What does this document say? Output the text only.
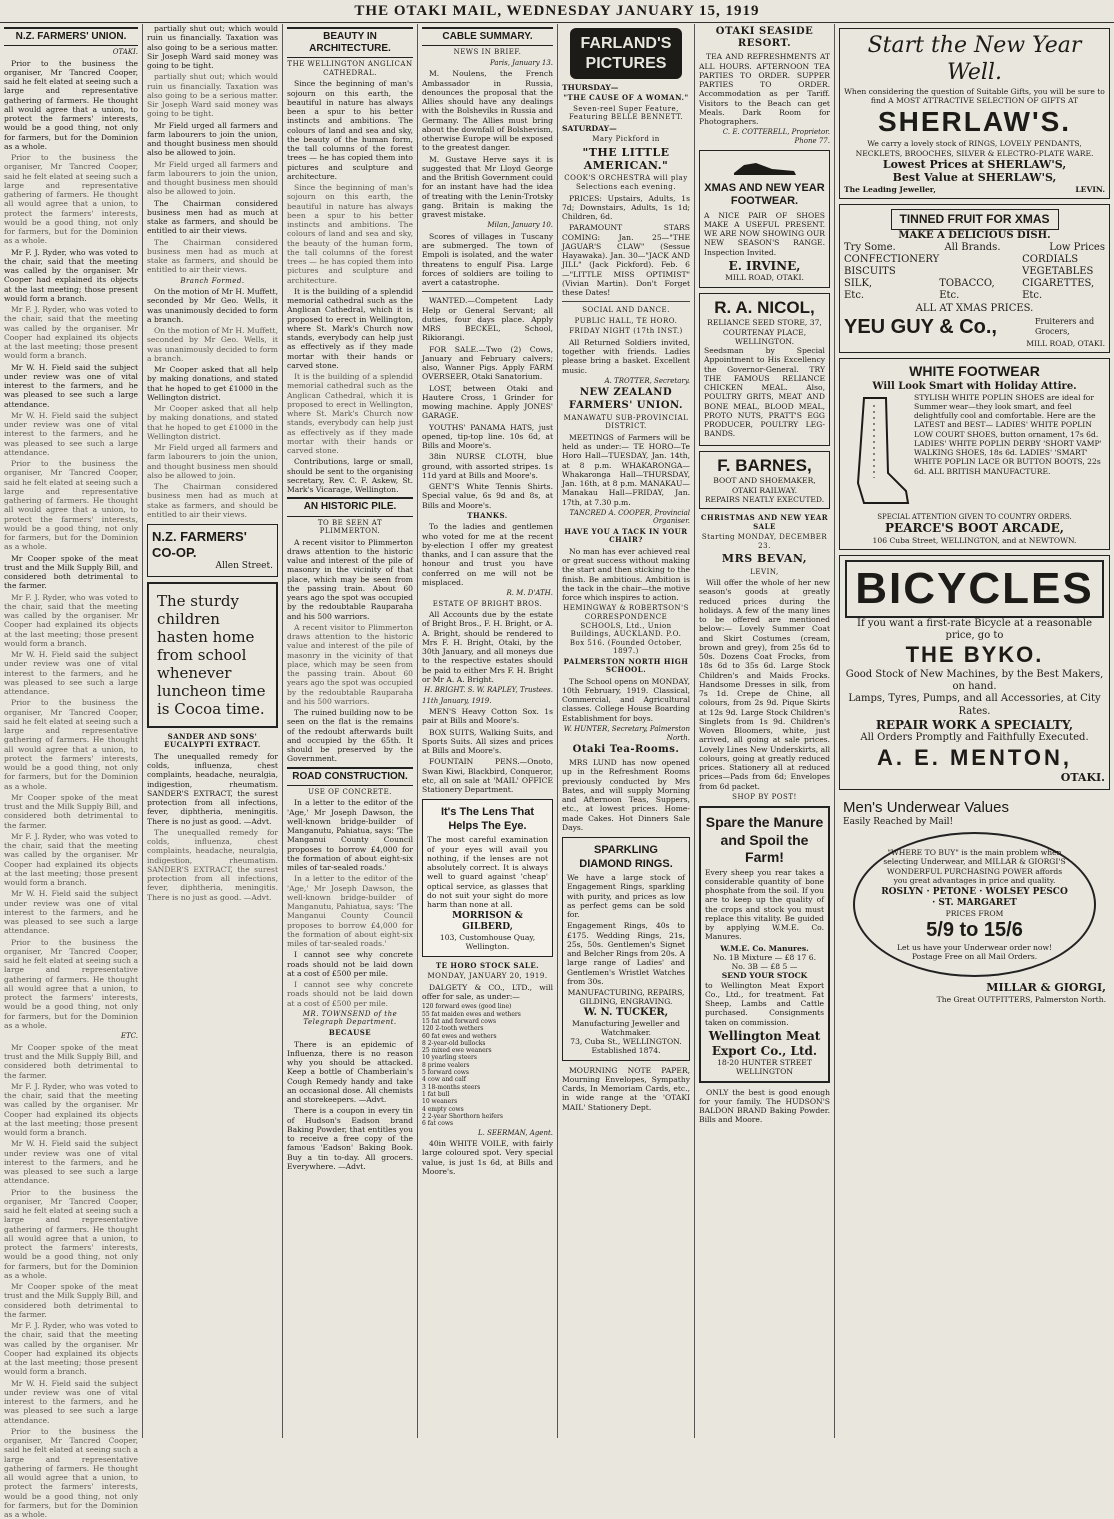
THE OTAKI MAIL, WEDNESDAY JANUARY 15, 1919
N.Z. FARMERS' UNION.
OTAKI.

Prior to the business the organiser, Mr Tancred Cooper, said he felt elated at seeing such a large and representative gathering of farmers. He thought all would agree that a union, to protect the farmers' interests, would be a good thing, not only for farmers, but for the Dominion as a whole.

Prior to the business the organiser, Mr Tancred Cooper, said he felt elated at seeing such a large and representative gathering of farmers. He thought all would agree that a union, to protect the farmers' interests, would be a good thing, not only for farmers, but for the Dominion as a whole.

Mr F. J. Ryder, who was voted to the chair, said that the meeting was called by the organiser. Mr Cooper had explained its objects at the last meeting; those present would form a branch.

Mr F. J. Ryder, who was voted to the chair, said that the meeting was called by the organiser. Mr Cooper had explained its objects at the last meeting; those present would form a branch.

Mr W. H. Field said the subject under review was one of vital interest to the farmers, and he was pleased to see such a large attendance.

Mr W. H. Field said the subject under review was one of vital interest to the farmers, and he was pleased to see such a large attendance.

Prior to the business the organiser, Mr Tancred Cooper, said he felt elated at seeing such a large and representative gathering of farmers. He thought all would agree that a union, to protect the farmers' interests, would be a good thing, not only for farmers, but for the Dominion as a whole.

Mr Cooper spoke of the meat trust and the Milk Supply Bill, and considered both detrimental to the farmer.

Mr F. J. Ryder, who was voted to the chair, said that the meeting was called by the organiser. Mr Cooper had explained its objects at the last meeting; those present would form a branch.

Mr W. H. Field said the subject under review was one of vital interest to the farmers, and he was pleased to see such a large attendance.

Prior to the business the organiser, Mr Tancred Cooper, said he felt elated at seeing such a large and representative gathering of farmers. He thought all would agree that a union, to protect the farmers' interests, would be a good thing, not only for farmers, but for the Dominion as a whole.

Mr Cooper spoke of the meat trust and the Milk Supply Bill, and considered both detrimental to the farmer.

Mr F. J. Ryder, who was voted to the chair, said that the meeting was called by the organiser. Mr Cooper had explained its objects at the last meeting; those present would form a branch.

Mr W. H. Field said the subject under review was one of vital interest to the farmers, and he was pleased to see such a large attendance.

Prior to the business the organiser, Mr Tancred Cooper, said he felt elated at seeing such a large and representative gathering of farmers. He thought all would agree that a union, to protect the farmers' interests, would be a good thing, not only for farmers, but for the Dominion as a whole.

ETC.

Mr Cooper spoke of the meat trust and the Milk Supply Bill, and considered both detrimental to the farmer.

Mr F. J. Ryder, who was voted to the chair, said that the meeting was called by the organiser. Mr Cooper had explained its objects at the last meeting; those present would form a branch.

Mr W. H. Field said the subject under review was one of vital interest to the farmers, and he was pleased to see such a large attendance.

Prior to the business the organiser, Mr Tancred Cooper, said he felt elated at seeing such a large and representative gathering of farmers. He thought all would agree that a union, to protect the farmers' interests, would be a good thing, not only for farmers, but for the Dominion as a whole.

Mr Cooper spoke of the meat trust and the Milk Supply Bill, and considered both detrimental to the farmer.

Mr F. J. Ryder, who was voted to the chair, said that the meeting was called by the organiser. Mr Cooper had explained its objects at the last meeting; those present would form a branch.

Mr W. H. Field said the subject under review was one of vital interest to the farmers, and he was pleased to see such a large attendance.

Prior to the business the organiser, Mr Tancred Cooper, said he felt elated at seeing such a large and representative gathering of farmers. He thought all would agree that a union, to protect the farmers' interests, would be a good thing, not only for farmers, but for the Dominion as a whole.

partially shut out; which would ruin us financially. Taxation was also going to be a serious matter. Sir Joseph Ward said money was going to be tight.

partially shut out; which would ruin us financially. Taxation was also going to be a serious matter. Sir Joseph Ward said money was going to be tight.

Mr Field urged all farmers and farm labourers to join the union, and thought business men should also be allowed to join.

Mr Field urged all farmers and farm labourers to join the union, and thought business men should also be allowed to join.

The Chairman considered business men had as much at stake as farmers, and should be entitled to air their views.

The Chairman considered business men had as much at stake as farmers, and should be entitled to air their views.

Branch Formed.

On the motion of Mr H. Muffett, seconded by Mr Geo. Wells, it was unanimously decided to form a branch.

On the motion of Mr H. Muffett, seconded by Mr Geo. Wells, it was unanimously decided to form a branch.

Mr Cooper asked that all help by making donations, and stated that he hoped to get £1000 in the Wellington district.

Mr Cooper asked that all help by making donations, and stated that he hoped to get £1000 in the Wellington district.

Mr Field urged all farmers and farm labourers to join the union, and thought business men should also be allowed to join.

The Chairman considered business men had as much at stake as farmers, and should be entitled to air their views.

N.Z. FARMERS' CO-OP.
Allen Street.
The sturdy children hasten home from school whenever luncheon time is Cocoa time.
SANDER AND SONS' EUCALYPTI EXTRACT.

The unequalled remedy for colds, influenza, chest complaints, headache, neuralgia, indigestion, rheumatism. SANDER'S EXTRACT, the surest protection from all infections, fever, diphtheria, meningitis. There is no just as good. —Advt.

The unequalled remedy for colds, influenza, chest complaints, headache, neuralgia, indigestion, rheumatism. SANDER'S EXTRACT, the surest protection from all infections, fever, diphtheria, meningitis. There is no just as good. —Advt.

BEAUTY IN ARCHITECTURE.
THE WELLINGTON ANGLICAN CATHEDRAL.

Since the beginning of man's sojourn on this earth, the beautiful in nature has always been a spur to his better instincts and ambitions. The colours of land and sea and sky, the beauty of the human form, the tall columns of the forest trees — he has copied them into pictures and sculpture and architecture.

Since the beginning of man's sojourn on this earth, the beautiful in nature has always been a spur to his better instincts and ambitions. The colours of land and sea and sky, the beauty of the human form, the tall columns of the forest trees — he has copied them into pictures and sculpture and architecture.

It is the building of a splendid memorial cathedral such as the Anglican Cathedral, which it is proposed to erect in Wellington, where St. Mark's Church now stands, everybody can help just as effectively as if they made mortar with their hands or carved stone.

It is the building of a splendid memorial cathedral such as the Anglican Cathedral, which it is proposed to erect in Wellington, where St. Mark's Church now stands, everybody can help just as effectively as if they made mortar with their hands or carved stone.

Contributions, large or small, should be sent to the organising secretary, Rev. C. F. Askew, St. Mark's Vicarage, Wellington.

AN HISTORIC PILE.
TO BE SEEN AT PLIMMERTON.

A recent visitor to Plimmerton draws attention to the historic value and interest of the pile of masonry in the vicinity of that place, which may be seen from the passing train. About 60 years ago the spot was occupied by the redoubtable Rauparaha and his 500 warriors.

A recent visitor to Plimmerton draws attention to the historic value and interest of the pile of masonry in the vicinity of that place, which may be seen from the passing train. About 60 years ago the spot was occupied by the redoubtable Rauparaha and his 500 warriors.

The ruined building now to be seen on the flat is the remains of the redoubt afterwards built and occupied by the 65th. It should be preserved by the Government.

ROAD CONSTRUCTION.
USE OF CONCRETE.

In a letter to the editor of the 'Age,' Mr Joseph Dawson, the well-known bridge-builder of Manganutu, Pahiatua, says: 'The Manganui County Council proposes to borrow £4,000 for the formation of about eight-six miles of tar-sealed roads.'

In a letter to the editor of the 'Age,' Mr Joseph Dawson, the well-known bridge-builder of Manganutu, Pahiatua, says: 'The Manganui County Council proposes to borrow £4,000 for the formation of about eight-six miles of tar-sealed roads.'

I cannot see why concrete roads should not be laid down at a cost of £500 per mile.

I cannot see why concrete roads should not be laid down at a cost of £500 per mile.

MR. TOWNSEND of the Telegraph Department.
BECAUSE

There is an epidemic of Influenza, there is no reason why you should be attacked. Keep a bottle of Chamberlain's Cough Remedy handy and take an occasional dose. All chemists and storekeepers. —Advt.

There is a coupon in every tin of Hudson's Eadson brand Baking Powder, that entitles you to receive a free copy of the famous 'Eadson' Baking Book. Buy a tin to-day. All grocers. Everywhere. —Advt.

CABLE SUMMARY.
NEWS IN BRIEF.
Paris, January 13.

M. Noulens, the French Ambassador in Russia, denounces the proposal that the Allies should have any dealings with the Bolsheviks in Russia and Germany. The Allies must bring about the downfall of Bolshevism, otherwise Europe will be exposed to the greatest danger.

M. Gustave Herve says it is suggested that Mr Lloyd George and the British Government could for an instant have had the idea of treating with the Lenin-Trotsky gang. Britain is making the gravest mistake.

Milan, January 10.

Scores of villages in Tuscany are submerged. The town of Empoli is isolated, and the water threatens to engulf Pisa. Large forces of soldiers are toiling to avert a catastrophe.

WANTED.—Competent Lady Help or General Servant; all duties, four days place. Apply MRS BECKEL, School, Rikiorangi.

FOR SALE.—Two (2) Cows, January and February calvers; also, Wanner Pigs. Apply FARM OVERSEER, Otaki Sanatorium.

LOST, between Otaki and Hautere Cross, 1 Grinder for mowing machine. Apply JONES' GARAGE.

YOUTHS' PANAMA HATS, just opened, tip-top line. 10s 6d, at Bills and Moore's.

38in NURSE CLOTH, blue ground, with assorted stripes. 1s 11d yard at Bills and Moore's.

GENT'S White Tennis Shirts. Special value, 6s 9d and 8s, at Bills and Moore's.

THANKS.

To the ladies and gentlemen who voted for me at the recent by-election I offer my greatest thanks, and I can assure that the honour and trust you have conferred on me will not be misplaced.

R. M. D'ATH.
ESTATE OF BRIGHT BROS.

All Accounts due by the estate of Bright Bros., F. H. Bright, or A. A. Bright, should be rendered to Mrs F. H. Bright, Otaki, by the 30th January, and all moneys due to the respective estates should be paid to either Mrs F. H. Bright or Mr A. A. Bright.

H. BRIGHT. S. W. RAPLEY, Trustees.
11th January, 1919.

MEN'S Heavy Cotton Sox. 1s pair at Bills and Moore's.

BOX SUITS, Walking Suits, and Sports Suits. All sizes and prices at Bills and Moore's.

FOUNTAIN PENS.—Onoto, Swan Kiwi, Blackbird, Conqueror, etc, all on sale at 'MAIL' OFFICE Stationery Department.

It's The Lens That Helps The Eye.

The most careful examination of your eyes will avail you nothing, if the lenses are not absolutely correct. It is always well to guard against 'cheap' optical service, as glasses that do not suit your sight do more harm than none at all.

MORRISON & GILBERD,
103, Customhouse Quay, Wellington.
TE HORO STOCK SALE.
MONDAY, JANUARY 20, 1919.

DALGETY & CO., LTD., will offer for sale, as under:—

120 forward ewes (good line)
55 fat maiden ewes and wethers
15 fat and forward cows
120 2-tooth wethers
60 fat ewes and wethers
8 2-year-old bullocks
25 mixed ewe weaners
10 yearling steers
8 prime vealers
5 forward cows
4 cow and calf
3 18-months steers
1 fat bull
10 weaners
4 empty cows
2 2-year Shorthorn heifers
6 fat cows
L. SEERMAN, Agent.

40in WHITE VOILE, with fairly large coloured spot. Very special value, is just 1s 6d, at Bills and Moore's.

FARLAND'S PICTURES
THURSDAY—
"THE CAUSE OF A WOMAN."
Seven-reel Super Feature, Featuring BELLE BENNETT.
SATURDAY—
Mary Pickford in
"THE LITTLE AMERICAN."
COOK'S ORCHESTRA will play Selections each evening.

PRICES: Upstairs, Adults, 1s 7d; Downstairs, Adults, 1s 1d; Children, 6d.

PARAMOUNT STARS COMING: Jan. 25—"THE JAGUAR'S CLAW" (Sessue Hayawaka). Jan. 30—"JACK AND JILL" (Jack Pickford). Feb. 6—"LITTLE MISS OPTIMIST" (Vivian Martin). Don't Forget these Dates!

SOCIAL AND DANCE.
PUBLIC HALL, TE HORO.
FRIDAY NIGHT (17th INST.)

All Returned Soldiers invited, together with friends. Ladies please bring a basket. Excellent music.

A. TROTTER, Secretary.
NEW ZEALAND FARMERS' UNION.
MANAWATU SUB-PROVINCIAL DISTRICT.

MEETINGS of Farmers will be held as under:— TE HORO—Te Horo Hall—TUESDAY, Jan. 14th, at 8 p.m. WHAKARONGA—Whakaronga Hall—THURSDAY, Jan. 16th, at 8 p.m. MANAKAU—Manakau Hall—FRIDAY, Jan. 17th, at 7.30 p.m.

TANCRED A. COOPER, Provincial Organiser.
HAVE YOU A TACK IN YOUR CHAIR?

No man has ever achieved real or great success without making the start and then sticking to the finish. Be ambitious. Ambition is the tack in the chair—the motive force which inspires to action.

HEMINGWAY & ROBERTSON'S CORRESPONDENCE SCHOOLS, Ltd., Union Buildings, AUCKLAND. P.O. Box 516. (Founded October, 1897.)
PALMERSTON NORTH HIGH SCHOOL.

The School opens on MONDAY, 10th February, 1919. Classical, Commercial, and Agricultural classes. College House Boarding Establishment for boys.

W. HUNTER, Secretary, Palmerston North.
Otaki Tea-Rooms.

MRS LUND has now opened up in the Refreshment Rooms previously conducted by Mrs Bates, and will supply Morning and Afternoon Teas, Suppers, etc., at lowest prices. Home-made Cakes. Hot Dinners Sale Days.

SPARKLING DIAMOND RINGS.

We have a large stock of Engagement Rings, sparkling with purity, and prices as low as perfect gems can be sold for.

Engagement Rings, 40s to £175. Wedding Rings, 21s, 25s, 50s. Gentlemen's Signet and Belcher Rings from 20s. A large range of Ladies' and Gentlemen's Wristlet Watches from 30s.

MANUFACTURING, REPAIRS, GILDING, ENGRAVING.
W. N. TUCKER,
Manufacturing Jeweller and Watchmaker.
73, Cuba St., WELLINGTON. Established 1874.

MOURNING NOTE PAPER, Mourning Envelopes, Sympathy Cards, In Memoriam Cards, etc., in wide range at the 'OTAKI MAIL' Stationery Dept.

OTAKI SEASIDE RESORT.

TEA AND REFRESHMENTS AT ALL HOURS. AFTERNOON TEA PARTIES TO ORDER. SUPPER PARTIES TO ORDER. Accommodation as per Tariff. Visitors to the Beach can get Meals. Dark Room for Photographers.

C. E. COTTERELL, Proprietor. Phone 77.
XMAS AND NEW YEAR FOOTWEAR.

A NICE PAIR OF SHOES MAKE A USEFUL PRESENT. WE ARE NOW SHOWING OUR NEW SEASON'S RANGE. Inspection Invited.

E. IRVINE,
MILL ROAD, OTAKI.
R. A. NICOL,
RELIANCE SEED STORE, 37, COURTENAY PLACE, WELLINGTON.

Seedsman by Special Appointment to His Excellency the Governor-General. TRY THE FAMOUS RELIANCE CHICKEN MEAL. Also, POULTRY GRITS, MEAT AND BONE MEAL, BLOOD MEAL, PROTO NUTS, PRATT'S EGG PRODUCER, POULTRY LEG-BANDS.

F. BARNES,
BOOT AND SHOEMAKER, OTAKI RAILWAY.
REPAIRS NEATLY EXECUTED.
CHRISTMAS AND NEW YEAR SALE
Starting MONDAY, DECEMBER 23.
MRS BEVAN,
LEVIN,

Will offer the whole of her new season's goods at greatly reduced prices during the holidays. A few of the many lines to be offered are mentioned below:— Lovely Summer Coat and Skirt Costumes (cream, brown and grey), from 25s 6d to 50s. Dozens Coat Frocks, from 18s 6d to 35s 6d. Large Stock Children's and Maids Frocks. Handsome Dresses in silk, from 7s 1d. Crepe de Chine, all colours, from 2s 9d. Pique Skirts at 12s 9d. Large Stock Children's Singlets from 1s 9d. Children's Woven Bloomers, white, just arrived, all going at sale prices. Lovely Lines New Underskirts, all colours, going at greatly reduced prices. Stationery all at reduced prices—Pads from 6d; Envelopes from 6d packet.

SHOP BY POST!
Spare the Manure and Spoil the Farm!

Every sheep you rear takes a considerable quantity of bone phosphate from the soil. If you are to keep up the quality of the crops and stock you must replace this vitality. Be guided by applying W.M.E. Co. Manures.

W.M.E. Co. Manures.
No. 1B Mixture — £8 17 6. No. 3B — £8 5 —
SEND YOUR STOCK

to Wellington Meat Export Co., Ltd., for treatment. Fat Sheep, Lambs and Cattle purchased. Consignments taken on commission.

Wellington Meat Export Co., Ltd.
18-20 HUNTER STREET WELLINGTON

ONLY the best is good enough for your family. The HUDSON'S BALDON BRAND Baking Powder. Bills and Moore.

Start the New Year Well.
When considering the question of Suitable Gifts, you will be sure to find A MOST ATTRACTIVE SELECTION OF GIFTS AT
SHERLAW'S.
We carry a lovely stock of RINGS, LOVELY PENDANTS, NECKLETS, BROOCHES, SILVER & ELECTRO-PLATE WARE.
Lowest Prices at SHERLAW'S,
Best Value at SHERLAW'S,
The Leading Jeweller,	LEVIN.
TINNED FRUIT FOR XMAS
MAKE A DELICIOUS DISH.
Try Some.	All Brands.	Low Prices
CONFECTIONERY	CORDIALS
BISCUITS	VEGETABLES
SILK,	TOBACCO,	CIGARETTES,
Etc.	Etc.	Etc.
ALL AT XMAS PRICES.
YEU GUY & Co.,	Fruiterers and Grocers,
MILL ROAD, OTAKI.
WHITE FOOTWEAR
Will Look Smart with Holiday Attire.

STYLISH WHITE POPLIN SHOES are ideal for Summer wear—they look smart, and feel delightfully cool and comfortable. Here are the LATEST and BEST— LADIES' WHITE POPLIN LOW COURT SHOES, button ornament, 17s 6d. LADIES' WHITE POPLIN DERBY 'SHORT VAMP' WALKING SHOES, 18s 6d. LADIES' 'SMART' WHITE POPLIN LACE OR BUTTON BOOTS, 22s 6d. ALL BRITISH MANUFACTURE.

SPECIAL ATTENTION GIVEN TO COUNTRY ORDERS.
PEARCE'S BOOT ARCADE,
106 Cuba Street, WELLINGTON, and at NEWTOWN.
BICYCLES
If you want a first-rate Bicycle at a reasonable price, go to
THE BYKO.
Good Stock of New Machines, by the Best Makers, on hand.
Lamps, Tyres, Pumps, and all Accessories, at City Rates.
REPAIR WORK A SPECIALTY,
All Orders Promptly and Faithfully Executed.
A. E. MENTON,
OTAKI.
Men's Underwear Values
Easily Reached by Mail!

"WHERE TO BUY" is the main problem when selecting Underwear, and MILLAR & GIORGI'S WONDERFUL PURCHASING POWER affords you great advantages in price and quality.

ROSLYN · PETONE · WOLSEY PESCO · ST. MARGARET
PRICES FROM
5/9 to 15/6
Let us have your Underwear order now! Postage Free on all Mail Orders.
MILLAR & GIORGI,
The Great OUTFITTERS, Palmerston North.
